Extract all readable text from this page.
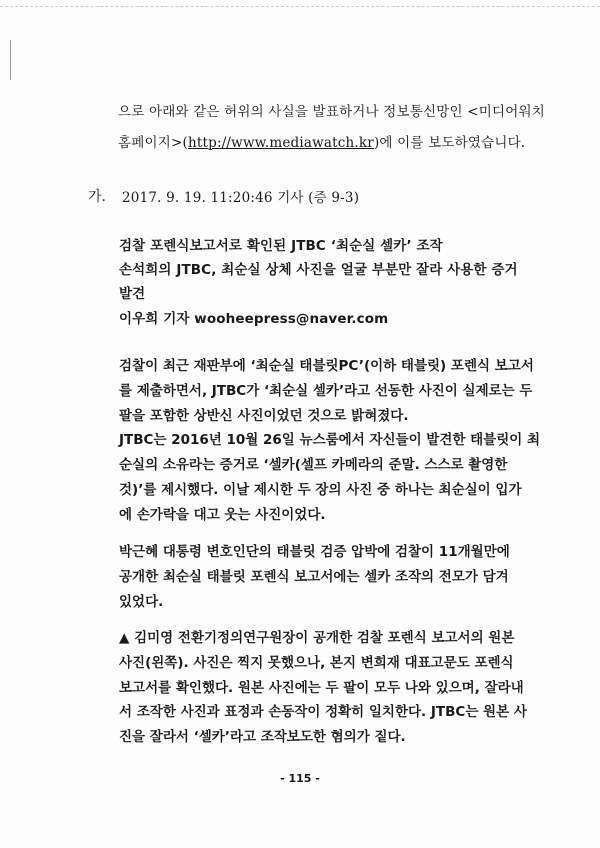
으로 아래와 같은 허위의 사실을 발표하거나 정보통신망인 <미디어워치
홈페이지>(http://www.mediawatch.kr)에 이를 보도하였습니다.
가. 2017. 9. 19. 11:20:46 기사 (증 9-3)
검찰 포렌식보고서로 확인된 JTBC ‘최순실 셀카’ 조작
손석희의 JTBC, 최순실 상체 사진을 얼굴 부분만 잘라 사용한 증거
발견
이우희 기자 wooheepress@naver.com
검찰이 최근 재판부에 ‘최순실 태블릿PC’(이하 태블릿) 포렌식 보고서
를 제출하면서, JTBC가 ‘최순실 셀카’라고 선동한 사진이 실제로는 두
팔을 포함한 상반신 사진이었던 것으로 밝혀졌다.
JTBC는 2016년 10월 26일 뉴스룸에서 자신들이 발견한 태블릿이 최
순실의 소유라는 증거로 ‘셀카(셀프 카메라의 준말. 스스로 촬영한
것)’를 제시했다. 이날 제시한 두 장의 사진 중 하나는 최순실이 입가
에 손가락을 대고 웃는 사진이었다.
박근혜 대통령 변호인단의 태블릿 검증 압박에 검찰이 11개월만에
공개한 최순실 태블릿 포렌식 보고서에는 셀카 조작의 전모가 담겨
있었다.
▲ 김미영 전환기정의연구원장이 공개한 검찰 포렌식 보고서의 원본
사진(왼쪽). 사진은 찍지 못했으나, 본지 변희재 대표고문도 포렌식
보고서를 확인했다. 원본 사진에는 두 팔이 모두 나와 있으며, 잘라내
서 조작한 사진과 표정과 손동작이 정확히 일치한다. JTBC는 원본 사
진을 잘라서 ‘셀카’라고 조작보도한 혐의가 짙다.
- 115 -
